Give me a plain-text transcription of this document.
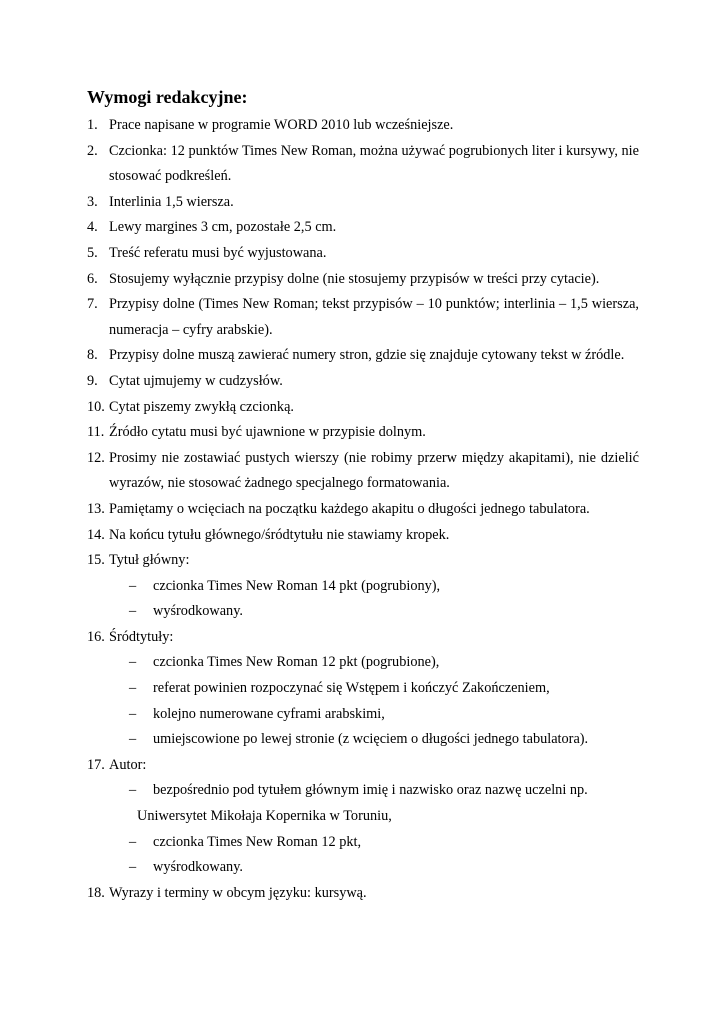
Wymogi redakcyjne:
1. Prace napisane w programie WORD 2010 lub wcześniejsze.
2. Czcionka: 12 punktów Times New Roman, można używać pogrubionych liter i kursywy, nie stosować podkreśleń.
3. Interlinia 1,5 wiersza.
4. Lewy margines 3 cm, pozostałe 2,5 cm.
5. Treść referatu musi być wyjustowana.
6. Stosujemy wyłącznie przypisy dolne (nie stosujemy przypisów w treści przy cytacie).
7. Przypisy dolne (Times New Roman; tekst przypisów – 10 punktów; interlinia – 1,5 wiersza, numeracja – cyfry arabskie).
8. Przypisy dolne muszą zawierać numery stron, gdzie się znajduje cytowany tekst w źródle.
9. Cytat ujmujemy w cudzysłów.
10. Cytat piszemy zwykłą czcionką.
11. Źródło cytatu musi być ujawnione w przypisie dolnym.
12. Prosimy nie zostawiać pustych wierszy (nie robimy przerw między akapitami), nie dzielić wyrazów, nie stosować żadnego specjalnego formatowania.
13. Pamiętamy o wcięciach na początku każdego akapitu o długości jednego tabulatora.
14. Na końcu tytułu głównego/śródtytułu nie stawiamy kropek.
15. Tytuł główny:
– czcionka Times New Roman 14 pkt (pogrubiony),
– wyśrodkowany.
16. Śródtytuły:
– czcionka Times New Roman 12 pkt (pogrubione),
– referat powinien rozpoczynać się Wstępem i kończyć Zakończeniem,
– kolejno numerowane cyframi arabskimi,
– umiejscowione po lewej stronie (z wcięciem o długości jednego tabulatora).
17. Autor:
– bezpośrednio pod tytułem głównym imię i nazwisko oraz nazwę uczelni np.
Uniwersytet Mikołaja Kopernika w Toruniu,
– czcionka Times New Roman 12 pkt,
– wyśrodkowany.
18. Wyrazy i terminy w obcym języku: kursywą.
